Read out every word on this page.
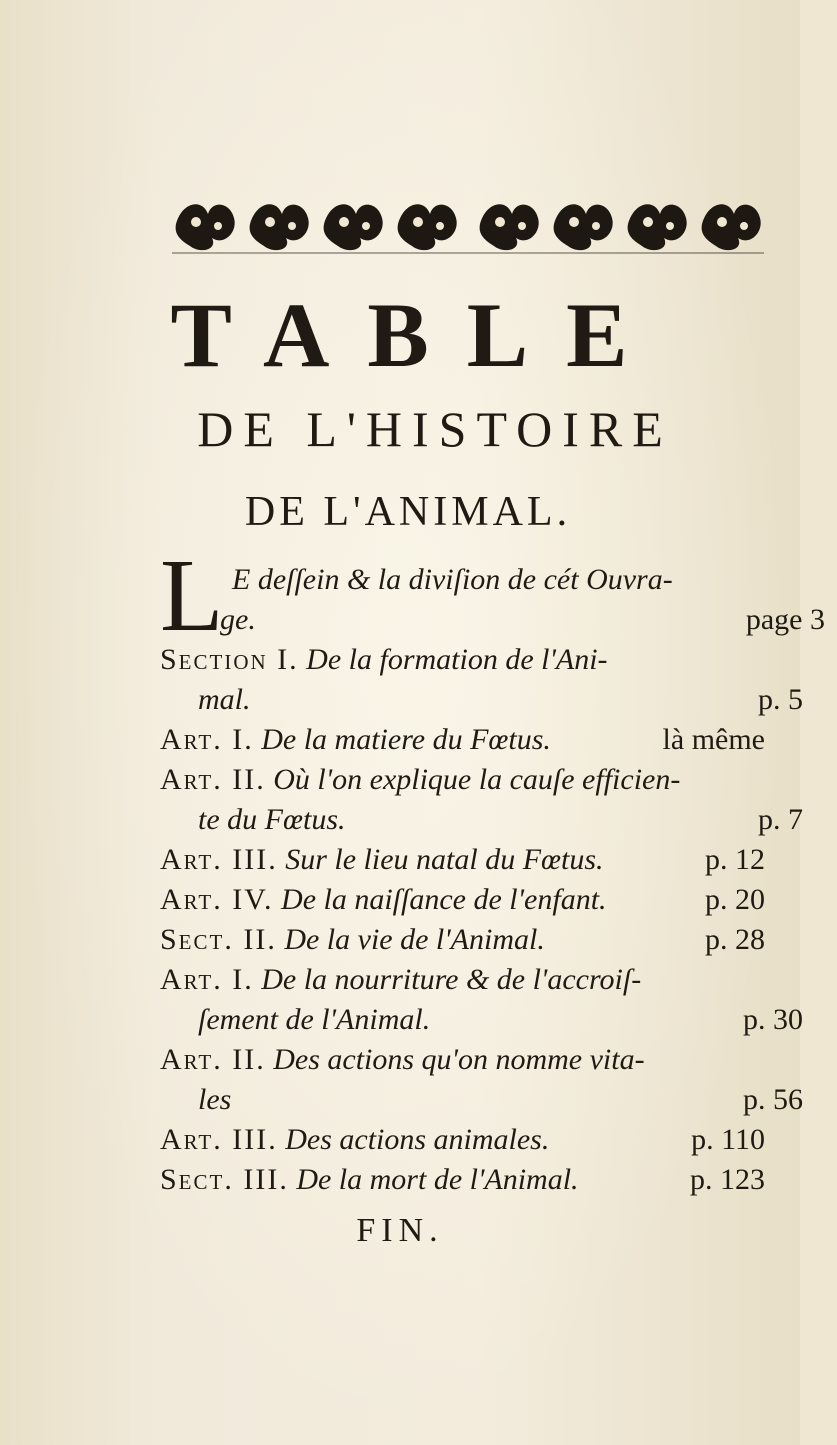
TABLE
DE L'HISTOIRE
DE L'ANIMAL.
L E deſſein & la diviſion de cét Ouvra-
ge.	page 3
Section I. De la formation de l'Ani-
mal.	p. 5
Art. I. De la matiere du Fœtus.	là même
Art. II. Où l'on explique la cauſe efficien-
te du Fœtus.	p. 7
Art. III. Sur le lieu natal du Fœtus.	p. 12
Art. IV. De la naiſſance de l'enfant.	p. 20
Sect. II. De la vie de l'Animal.	p. 28
Art. I. De la nourriture & de l'accroiſ-
ſement de l'Animal.	p. 30
Art. II. Des actions qu'on nomme vita-
les	p. 56
Art. III. Des actions animales.	p. 110
Sect. III. De la mort de l'Animal.	p. 123
FIN.
